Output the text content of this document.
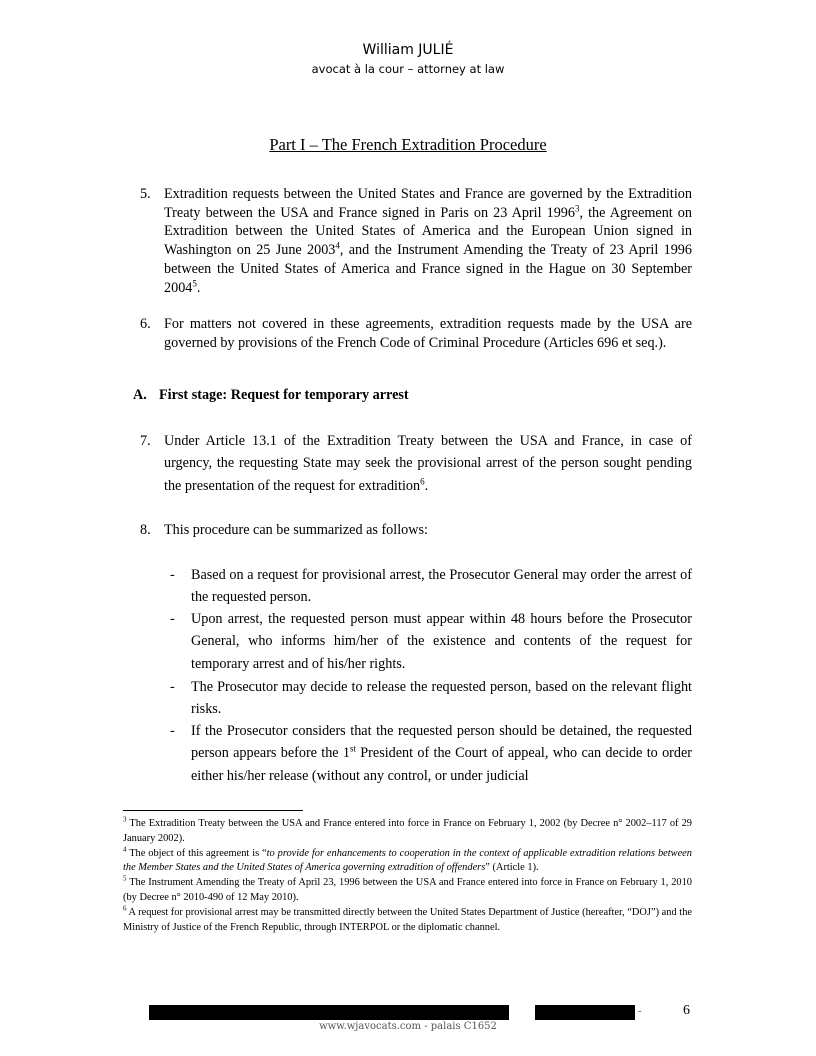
William JULIÉ
avocat à la cour – attorney at law
Part I – The French Extradition Procedure
5. Extradition requests between the United States and France are governed by the Extradition Treaty between the USA and France signed in Paris on 23 April 1996$^3$, the Agreement on Extradition between the United States of America and the European Union signed in Washington on 25 June 2003$^4$, and the Instrument Amending the Treaty of 23 April 1996 between the United States of America and France signed in the Hague on 30 September 2004$^5$.
6. For matters not covered in these agreements, extradition requests made by the USA are governed by provisions of the French Code of Criminal Procedure (Articles 696 et seq.).
A. First stage: Request for temporary arrest
7. Under Article 13.1 of the Extradition Treaty between the USA and France, in case of urgency, the requesting State may seek the provisional arrest of the person sought pending the presentation of the request for extradition$^6$.
8. This procedure can be summarized as follows:
- Based on a request for provisional arrest, the Prosecutor General may order the arrest of the requested person.
- Upon arrest, the requested person must appear within 48 hours before the Prosecutor General, who informs him/her of the existence and contents of the request for temporary arrest and of his/her rights.
- The Prosecutor may decide to release the requested person, based on the relevant flight risks.
- If the Prosecutor considers that the requested person should be detained, the requested person appears before the 1st President of the Court of appeal, who can decide to order either his/her release (without any control, or under judicial

$^3$ The Extradition Treaty between the USA and France entered into force in France on February 1, 2002 (by Decree n° 2002–117 of 29 January 2002).

$^4$ The object of this agreement is “to provide for enhancements to cooperation in the context of applicable extradition relations between the Member States and the United States of America governing extradition of offenders” (Article 1).

$^5$ The Instrument Amending the Treaty of April 23, 1996 between the USA and France entered into force in France on February 1, 2010 (by Decree n° 2010-490 of 12 May 2010).

$^6$ A request for provisional arrest may be transmitted directly between the United States Department of Justice (hereafter, “DOJ”) and the Ministry of Justice of the French Republic, through INTERPOL or the diplomatic channel.

-	6
www.wjavocats.com - palais C1652
